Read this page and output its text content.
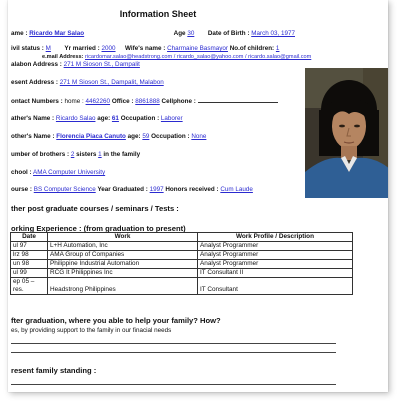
Information Sheet
ame : Ricardo Mar Salao	Age 30 Date of Birth : March 03, 1977
ivil status : M Yr married : 2000 Wife's name : Charmaine Basmayor No.of children: 1
e.mail Address: ricardomar.salao@headstrong.com / ricardo_salao@yahoo.com / ricardo.salao@gmail.com
alabon Address : 271 M Sioson St., Dampalit
esent Address : 271 M Sioson St., Dampalit, Malabon
ontact Numbers : home : 4462260 Office : 8861888 Cellphone :
ather's Name : Ricardo Salao age: 61 Occupation : Laborer
other's Name : Florencia Piaca Canuto age: 59 Occupation : None
umber of brothers : 2 sisters 1 in the family
chool : AMA Computer University
ourse : BS Computer Science Year Graduated : 1997 Honors received : Cum Laude
ther post graduate courses / seminars / Tests :
orking Experience : (from graduation to present)
Date	Work	Work Profile / Description
ul 97	L+H Automation, Inc	Analyst Programmer
lrz 98	AMA Group of Companies	Analyst Programmer
un 98	Philippine Industrial Automation	Analyst Programmer
ul 99	RCG It Philippines Inc	IT Consultant II
ep 05 – res.	Headstrong Philippines	IT Consultant
fter graduation, where you able to help your family? How?
es, by providing support to the family in our finacial needs
resent family standing :
